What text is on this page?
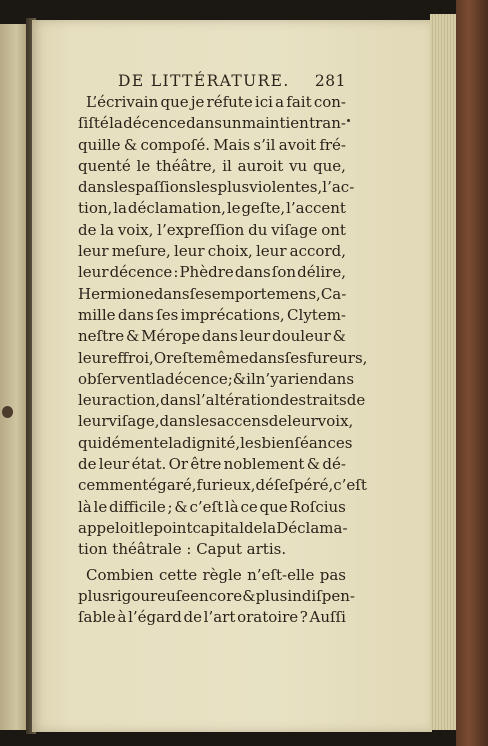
DE LITTÉRATURE. 281
L’écrivain que je réfute ici a fait con-
ſiſté la décence dans un maintien tran-
quille & compoſé. Mais s’il avoit fré-
quenté le théâtre, il auroit vu que,
dans les paſſions les plus violentes, l’ac-
tion, la déclamation, le geſte, l’accent
de la voix, l’expreſſion du viſage ont
leur meſure, leur choix, leur accord,
leur décence : Phèdre dans ſon délire,
Hermione dans ſes emportemens, Ca-
mille dans ſes imprécations, Clytem-
neſtre & Mérope dans leur douleur &
leur effroi, Oreſte même dans ſes fureurs,
obſervent la décence ; & il n’y a rien dans
leur action, dans l’altération des traits de
leur viſage, dans les accens de leur voix,
qui démente la dignité, les bienſéances
de leur état. Or être noblement & dé-
cemment égaré, furieux, déſeſpéré, c’eſt
là le difficile ; & c’eſt là ce que Roſcius
appeloit le point capital de la Déclama-
tion théâtrale : Caput artis.
Combien cette règle n’eſt-elle pas
plus rigoureuſe encore & plus indiſpen-
ſable à l’égard de l’art oratoire ? Auſſi
